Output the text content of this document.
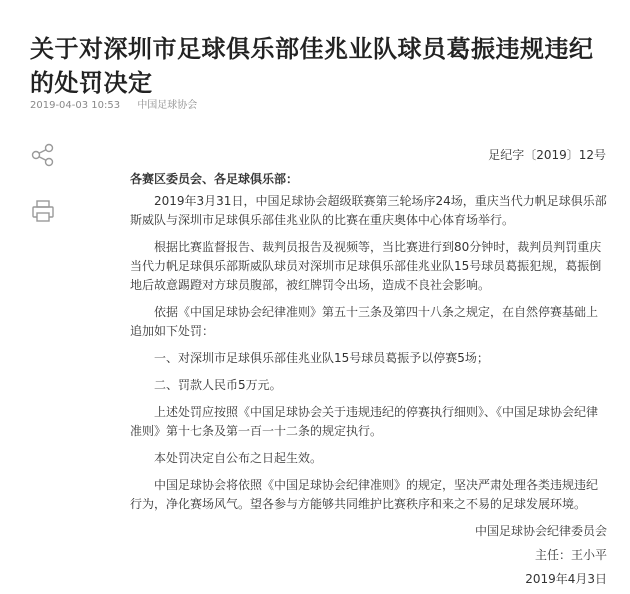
关于对深圳市足球俱乐部佳兆业队球员葛振违规违纪的处罚决定
2019-04-03 10:53 中国足球协会
足纪字〔2019〕12号

各赛区委员会、各足球俱乐部：

2019年3月31日，中国足球协会超级联赛第三轮场序24场，重庆当代力帆足球俱乐部斯威队与深圳市足球俱乐部佳兆业队的比赛在重庆奥体中心体育场举行。

根据比赛监督报告、裁判员报告及视频等，当比赛进行到80分钟时，裁判员判罚重庆当代力帆足球俱乐部斯威队球员对深圳市足球俱乐部佳兆业队15号球员葛振犯规，葛振倒地后故意踢蹬对方球员腹部，被红牌罚令出场，造成不良社会影响。

依据《中国足球协会纪律准则》第五十三条及第四十八条之规定，在自然停赛基础上追加如下处罚：

一、对深圳市足球俱乐部佳兆业队15号球员葛振予以停赛5场；

二、罚款人民币5万元。

上述处罚应按照《中国足球协会关于违规违纪的停赛执行细则》、《中国足球协会纪律准则》第十七条及第一百一十二条的规定执行。

本处罚决定自公布之日起生效。

中国足球协会将依照《中国足球协会纪律准则》的规定，坚决严肃处理各类违规违纪行为，净化赛场风气。望各参与方能够共同维护比赛秩序和来之不易的足球发展环境。

中国足球协会纪律委员会

主任：王小平

2019年4月3日
